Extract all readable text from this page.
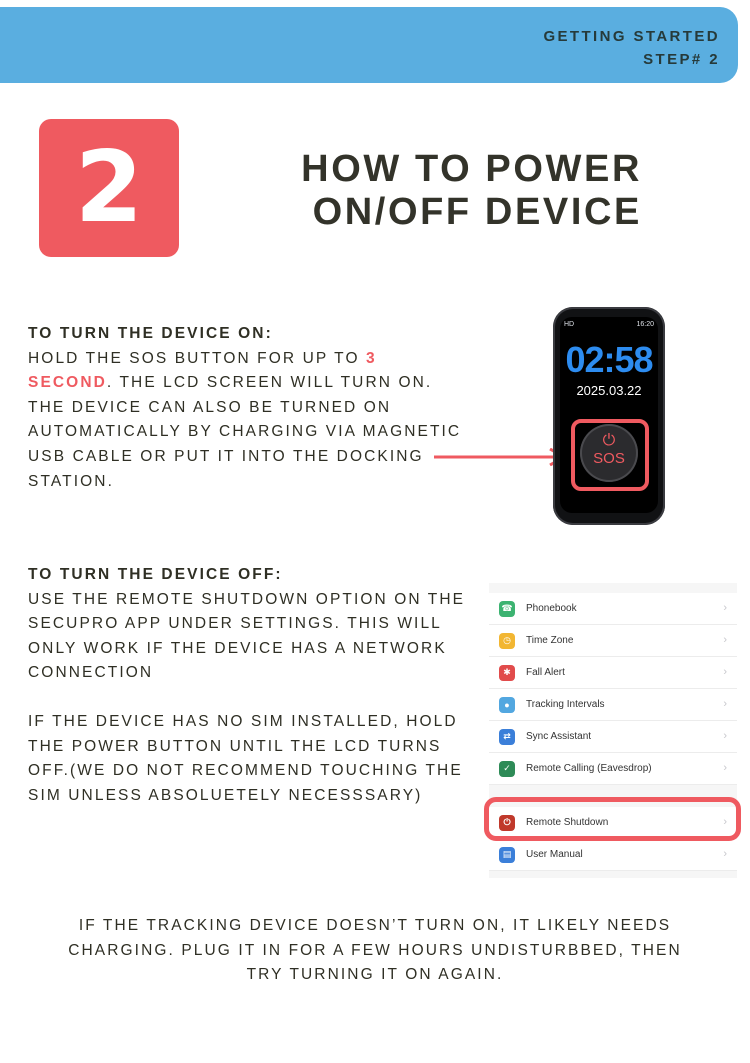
GETTING STARTED
STEP# 2
2	HOW TO POWER
ON/OFF DEVICE
TO TURN THE DEVICE ON:
HOLD THE SOS BUTTON FOR UP TO 3 SECOND. THE LCD SCREEN WILL TURN ON. THE DEVICE CAN ALSO BE TURNED ON AUTOMATICALLY BY CHARGING VIA MAGNETIC USB CABLE OR PUT IT INTO THE DOCKING STATION.
HD	16:20
02:58
2025.03.22
⏻
SOS
TO TURN THE DEVICE OFF:
USE THE REMOTE SHUTDOWN OPTION ON THE SECUPRO APP UNDER SETTINGS. THIS WILL ONLY WORK IF THE DEVICE HAS A NETWORK CONNECTION
IF THE DEVICE HAS NO SIM INSTALLED, HOLD THE POWER BUTTON UNTIL THE LCD TURNS OFF.(WE DO NOT RECOMMEND TOUCHING THE SIM UNLESS ABSOLUETELY NECESSSARY)
☎ Phonebook	›
◷	Time Zone	›
✱	Fall Alert	›
●	Tracking Intervals	›
⇄	Sync Assistant	›
✓	Remote Calling (Eavesdrop)	›
⏻	Remote Shutdown	›
▤	User Manual	›
IF THE TRACKING DEVICE DOESN’T TURN ON, IT LIKELY NEEDS CHARGING. PLUG IT IN FOR A FEW HOURS UNDISTURBBED, THEN TRY TURNING IT ON AGAIN.
